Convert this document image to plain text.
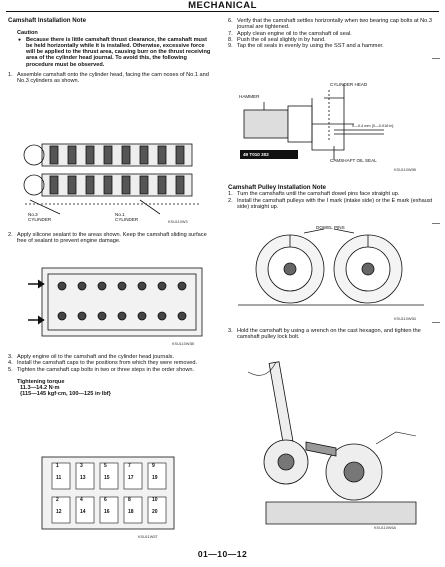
MECHANICAL
Camshaft Installation Note
Caution
● Because there is little camshaft thrust clearance, the camshaft must be held horizontally while it is installed. Otherwise, excessive force will be applied to the thrust area, causing burr on the thrust receiving area of the cylinder head journal. To avoid this, the following procedure must be observed.
1. Assemble camshaft onto the cylinder head, facing the cam noses of No.1 and No.3 cylinders as shown.
No.3
CYLINDER
No.1
CYLINDER	KSU110W3
2. Apply silicone sealant to the areas shown. Keep the camshaft sliding surface free of sealant to prevent engine damage.
KSU110W3B
3. Apply engine oil to the camshaft and the cylinder head journals.
4. Install the camshaft caps to the positions from which they were removed.
5. Tighten the camshaft cap bolts in two or three steps in the order shown.
Tightening torque
11.3—14.2 N·m
{115—145 kgf·cm, 100—125 in·lbf}
1	3	5	7	9
11	13	15	17	19
2	4	6	8	10
12	14	16	18	20
KSU11W5T
6. Verify that the camshaft settles horizontally when two bearing cap bolts at No.3 journal are tightened.
7. Apply clean engine oil to the camshaft oil seal.
8. Push the oil seal slightly in by hand.
9. Tap the oil seals in evenly by using the SST and a hammer.
HAMMER
CYLINDER HEAD
0—0.4 mm {0—0.016 in}
49 T010 302
CAMSHAFT OIL SEAL
KSU110W5B
Camshaft Pulley Installation Note
1. Turn the camshafts until the camshaft dowel pins face straight up.
2. Install the camshaft pulleys with the I mark (intake side) or the E mark (exhaust side) straight up.
DOWEL PINS
KSU110W5D
3. Hold the camshaft by using a wrench on the cast hexagon, and tighten the camshaft pulley lock bolt.
KSU110W5A
01—10—12
